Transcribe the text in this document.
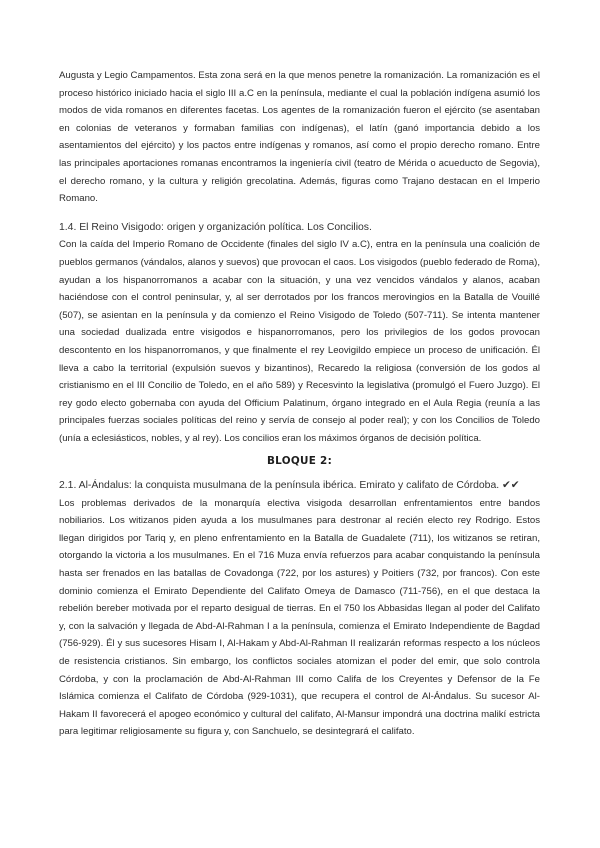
Augusta y Legio Campamentos. Esta zona será en la que menos penetre la romanización. La romanización es el proceso histórico iniciado hacia el siglo III a.C en la península, mediante el cual la población indígena asumió los modos de vida romanos en diferentes facetas. Los agentes de la romanización fueron el ejército (se asentaban en colonias de veteranos y formaban familias con indígenas), el latín (ganó importancia debido a los asentamientos del ejército) y los pactos entre indígenas y romanos, así como el propio derecho romano. Entre las principales aportaciones romanas encontramos la ingeniería civil (teatro de Mérida o acueducto de Segovia), el derecho romano, y la cultura y religión grecolatina. Además, figuras como Trajano destacan en el Imperio Romano.

1.4. El Reino Visigodo: origen y organización política. Los Concilios.

Con la caída del Imperio Romano de Occidente (finales del siglo IV a.C), entra en la península una coalición de pueblos germanos (vándalos, alanos y suevos) que provocan el caos. Los visigodos (pueblo federado de Roma), ayudan a los hispanorromanos a acabar con la situación, y una vez vencidos vándalos y alanos, acaban haciéndose con el control peninsular, y, al ser derrotados por los francos merovingios en la Batalla de Vouillé (507), se asientan en la península y da comienzo el Reino Visigodo de Toledo (507-711). Se intenta mantener una sociedad dualizada entre visigodos e hispanorromanos, pero los privilegios de los godos provocan descontento en los hispanorromanos, y que finalmente el rey Leovigildo empiece un proceso de unificación. Él lleva a cabo la territorial (expulsión suevos y bizantinos), Recaredo la religiosa (conversión de los godos al cristianismo en el III Concilio de Toledo, en el año 589) y Recesvinto la legislativa (promulgó el Fuero Juzgo). El rey godo electo gobernaba con ayuda del Officium Palatinum, órgano integrado en el Aula Regia (reunía a las principales fuerzas sociales políticas del reino y servía de consejo al poder real); y con los Concilios de Toledo (unía a eclesiásticos, nobles, y al rey). Los concilios eran los máximos órganos de decisión política.

BLOQUE 2:

2.1. Al-Ándalus: la conquista musulmana de la península ibérica. Emirato y califato de Córdoba. ✔✔

Los problemas derivados de la monarquía electiva visigoda desarrollan enfrentamientos entre bandos nobiliarios. Los witizanos piden ayuda a los musulmanes para destronar al recién electo rey Rodrigo. Estos llegan dirigidos por Tariq y, en pleno enfrentamiento en la Batalla de Guadalete (711), los witizanos se retiran, otorgando la victoria a los musulmanes. En el 716 Muza envía refuerzos para acabar conquistando la península hasta ser frenados en las batallas de Covadonga (722, por los astures) y Poitiers (732, por francos). Con este dominio comienza el Emirato Dependiente del Califato Omeya de Damasco (711-756), en el que destaca la rebelión bereber motivada por el reparto desigual de tierras. En el 750 los Abbasidas llegan al poder del Califato y, con la salvación y llegada de Abd-Al-Rahman I a la península, comienza el Emirato Independiente de Bagdad (756-929). Él y sus sucesores Hisam I, Al-Hakam y Abd-Al-Rahman II realizarán reformas respecto a los núcleos de resistencia cristianos. Sin embargo, los conflictos sociales atomizan el poder del emir, que solo controla Córdoba, y con la proclamación de Abd-Al-Rahman III como Califa de los Creyentes y Defensor de la Fe Islámica comienza el Califato de Córdoba (929-1031), que recupera el control de Al-Ándalus. Su sucesor Al-Hakam II favorecerá el apogeo económico y cultural del califato, Al-Mansur impondrá una doctrina malikí estricta para legitimar religiosamente su figura y, con Sanchuelo, se desintegrará el califato.
